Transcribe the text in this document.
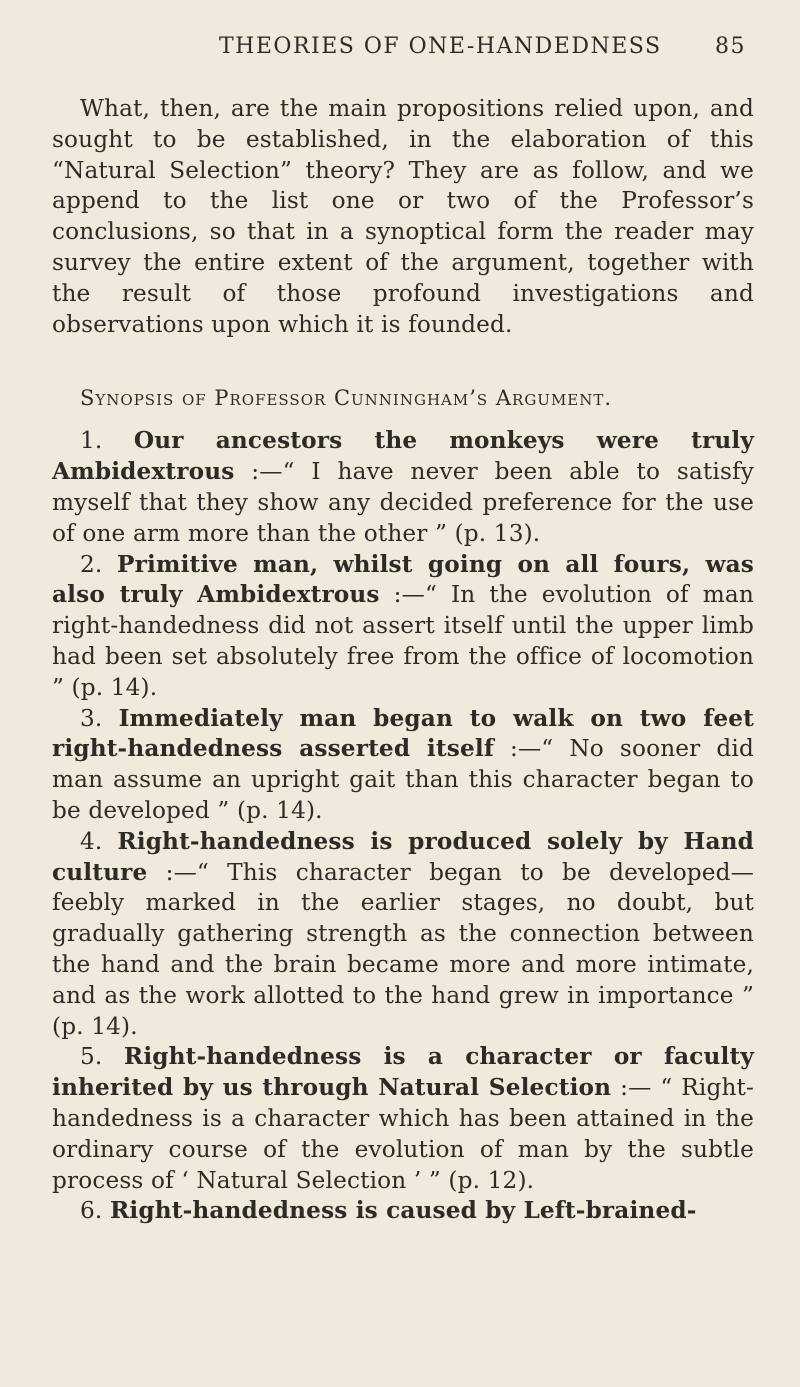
THEORIES OF ONE-HANDEDNESS 85

What, then, are the main propositions relied upon, and sought to be established, in the elaboration of this “Natural Selection” theory? They are as follow, and we append to the list one or two of the Professor’s conclusions, so that in a synoptical form the reader may survey the entire extent of the argument, together with the result of those profound investigations and observations upon which it is founded.

Synopsis of Professor Cunningham’s Argument.

1. Our ancestors the monkeys were truly Ambidextrous :—“ I have never been able to satisfy myself that they show any decided preference for the use of one arm more than the other ” (p. 13).

2. Primitive man, whilst going on all fours, was also truly Ambidextrous :—“ In the evolution of man right-handedness did not assert itself until the upper limb had been set absolutely free from the office of locomotion ” (p. 14).

3. Immediately man began to walk on two feet right-handedness asserted itself :—“ No sooner did man assume an upright gait than this character began to be developed ” (p. 14).

4. Right-handedness is produced solely by Hand culture :—“ This character began to be developed— feebly marked in the earlier stages, no doubt, but gradually gathering strength as the connection between the hand and the brain became more and more intimate, and as the work allotted to the hand grew in importance ” (p. 14).

5. Right-handedness is a character or faculty inherited by us through Natural Selection :— “ Right-handedness is a character which has been attained in the ordinary course of the evolution of man by the subtle process of ‘ Natural Selection ’ ” (p. 12).

6. Right-handedness is caused by Left-brained-
